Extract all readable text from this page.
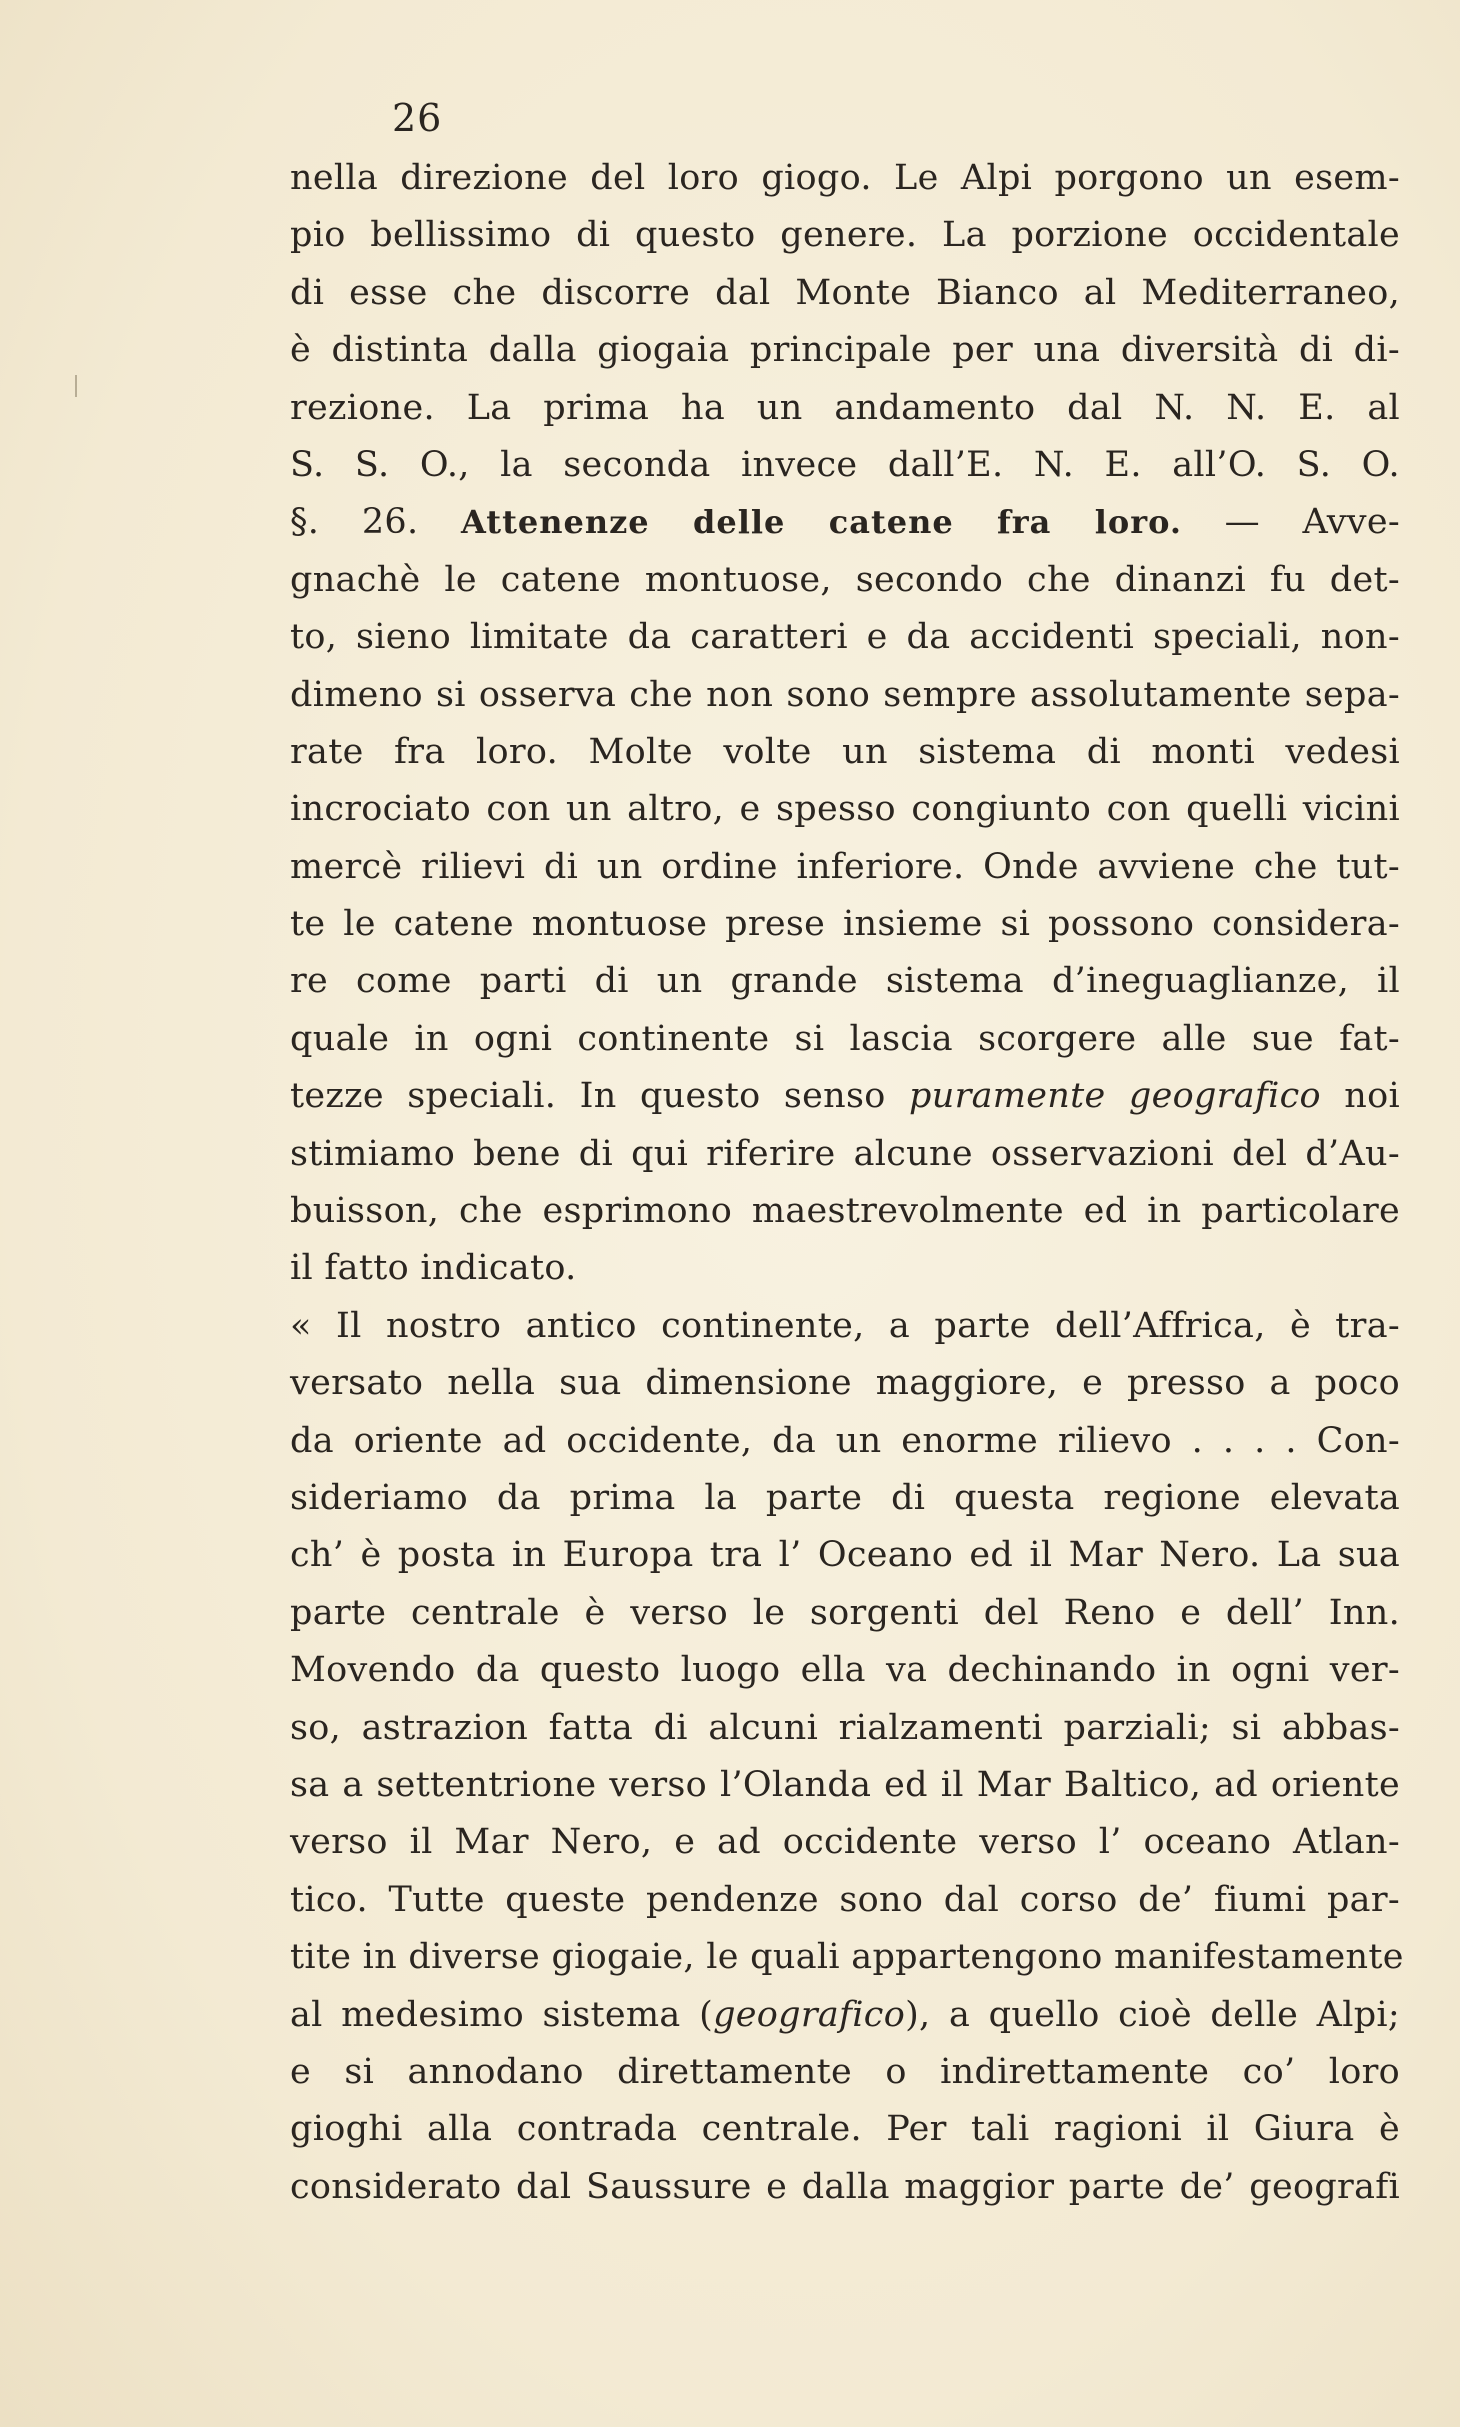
26
nella direzione del loro giogo. Le Alpi porgono un esem-
pio bellissimo di questo genere. La porzione occidentale
di esse che discorre dal Monte Bianco al Mediterraneo,
è distinta dalla giogaia principale per una diversità di di-
rezione. La prima ha un andamento dal N. N. E. al
S. S. O., la seconda invece dall’E. N. E. all’O. S. O.
§. 26. Attenenze delle catene fra loro. — Avve-
gnachè le catene montuose, secondo che dinanzi fu det-
to, sieno limitate da caratteri e da accidenti speciali, non-
dimeno si osserva che non sono sempre assolutamente sepa-
rate fra loro. Molte volte un sistema di monti vedesi
incrociato con un altro, e spesso congiunto con quelli vicini
mercè rilievi di un ordine inferiore. Onde avviene che tut-
te le catene montuose prese insieme si possono considera-
re come parti di un grande sistema d’ineguaglianze, il
quale in ogni continente si lascia scorgere alle sue fat-
tezze speciali. In questo senso puramente geografico noi
stimiamo bene di qui riferire alcune osservazioni del d’Au-
buisson, che esprimono maestrevolmente ed in particolare
il fatto indicato.
« Il nostro antico continente, a parte dell’Affrica, è tra-
versato nella sua dimensione maggiore, e presso a poco
da oriente ad occidente, da un enorme rilievo . . . . Con-
sideriamo da prima la parte di questa regione elevata
ch’ è posta in Europa tra l’ Oceano ed il Mar Nero. La sua
parte centrale è verso le sorgenti del Reno e dell’ Inn.
Movendo da questo luogo ella va dechinando in ogni ver-
so, astrazion fatta di alcuni rialzamenti parziali; si abbas-
sa a settentrione verso l’Olanda ed il Mar Baltico, ad oriente
verso il Mar Nero, e ad occidente verso l’ oceano Atlan-
tico. Tutte queste pendenze sono dal corso de’ fiumi par-
tite in diverse giogaie, le quali appartengono manifestamente
al medesimo sistema (geografico), a quello cioè delle Alpi;
e si annodano direttamente o indirettamente co’ loro
gioghi alla contrada centrale. Per tali ragioni il Giura è
considerato dal Saussure e dalla maggior parte de’ geografi
